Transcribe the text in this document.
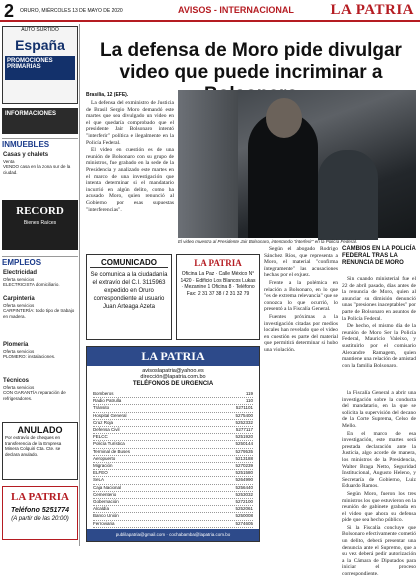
2 ORURO, MIÉRCOLES 13 DE MAYO DE 2020	AVISOS - INTERNACIONAL LA PATRIA
AUTO SURTIDO
España
PROMOCIONES PRIMARIAS
INFORMACIONES
INMUEBLES
Casas y chalets
Venta
VENDO casa en la zona sur de la ciudad.
RECORD
Bienes Raíces
EMPLEOS
Electricidad
Oferta servicios
ELECTRICISTA domiciliario.
Carpintería
Oferta servicios
CARPINTERÍA: todo tipo de trabajo en madera.
Plomería
Oferta servicios
PLOMERO: instalaciones.
Técnicos
Oferta servicios
CON GARANTÍA reparación de refrigeradores.
ANULADO
Por extravío de cheques en transferencia de la Empresa Minera Colquiri Cta. Cte. se declara anulado.
LA PATRIA
Teléfono 5251774
(A partir de las 20:00)
La defensa de Moro pide divulgar video que puede incriminar a
Brasilia, 12 (EFE).

La defensa del exministro de Justicia de Brasil Sergio Moro demandó este martes que sea divulgado un video en el que quedaría comprobado que el presidente Jair Bolsonaro intentó "interferir" política e ilegalmente en la Policía Federal.

El video en cuestión es de una reunión de Bolsonaro con su grupo de ministros, fue grabado en la sede de la Presidencia y analizado este martes en el marco de una investigación que intenta determinar si el mandatario incurrió en algún delito, como ha acusado Moro, quien renunció al Gobierno por esas supuestas "interferencias".

El video muestra al Presidente Jair Bolsonaro, intentando "interferir" en la Policía Federal.

Según el abogado Rodrigo Sánchez Ríos, que representa a Moro, el material "confirma íntegramente" las acusaciones hechas por el exjuez.

Frente a la polémica en relación a Bolsonaro, en lo que "es de extrema relevancia" que se conozca lo que ocurrió, lo presentó a la Fiscalía General.

Fuentes próximas a la investigación citadas por medios locales han revelado que el video en cuestión es parte del material que permitirá determinar si hubo una violación.

CAMBIOS EN LA POLICÍA FEDERAL TRAS LA RENUNCIA DE MORO

Sin cuando ministerial fue el 22 de abril pasado, días antes de la renuncia de Moro, quien al anunciar su dimisión denunció unas "presiones inaceptables" por parte de Bolsonaro en asuntos de la Policía Federal.

De hecho, el mismo día de la reunión de Moro Ser la Policía Federal, Mauricio Valeixo, y sustituirlo por el comisario Alexandre Ramagem, quien mantiene una relación de amistad con la familia Bolsonaro.

la Fiscalía General a abrir una investigación sobre la conducta del mandatario, en la que se solicita la supervisión del decano de la Corte Suprema, Celso de Mello.

En el marco de esa investigación, este martes será prestada declaración ante la Justicia, algo acorde de manera, los ministros de la Presidencia, Walter Braga Netto, Seguridad Institucional, Augusto Heleno, y Secretaría de Gobierno, Luiz Eduardo Ramos.

Según Moro, fueron los tres ministros los que estuvieron en la reunión de gabinete grabada en el video que ahora su defensa pide que sea hecho público.

Si la Fiscalía concluye que Bolsonaro efectivamente cometió un delito, deberá presentar una denuncia ante el Supremo, que a su vez deberá pedir autorización a la Cámara de Diputados para iniciar el proceso correspondiente.

COMUNICADO
Se comunica a la ciudadanía el extravío del C.I. 3115963 expedido en Oruro correspondiente al usuario Juan Arteaga Azeta
LA PATRIA
Oficina La Paz · Calle México N° 1420 · Edificio Los Blancos Lukas · Mezanine 1 Oficina 8 · Teléfono Fax: 2 31 37 38 / 2 31 32 79
LA PATRIA
avisoslapatria@yahoo.es
dirección@lapatria.com.bo
TELÉFONOS DE URGENCIA
Bomberos	119
Radio Patrulla	110
Tránsito	5271101
Hospital General	5275400
Cruz Roja	5252332
Defensa Civil	5277117
FELCC	5251920
Policía Turística	5250144
Terminal de Buses	5279535
Aeropuerto	5213188
Migración	5270239
ELFEO	5251580
SeLA	5264990
Caja Nacional	5256440
Cementerio	5253032
Gobernación	5272100
Alcaldía	5252061
Banco Unión	5250008
Ferroviaria	5274605
publilapatria@gmail.com · cochabamba@lapatria.com.bo
